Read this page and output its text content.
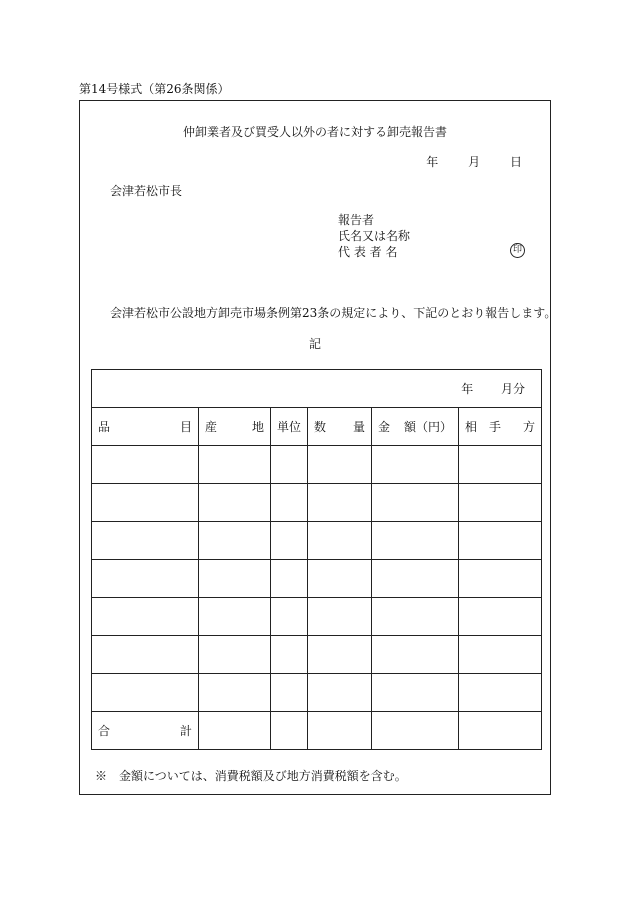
第14号様式（第26条関係）
仲卸業者及び買受人以外の者に対する卸売報告書
年 月 日
会津若松市長
報告者
氏名又は名称
代 表 者 名	印
会津若松市公設地方卸売市場条例第23条の規定により、下記のとおり報告します。
記
年 月分					

品 目	産 地	単位	数 量	金 額（円）	相　手 方

合 計					

※　金額については、消費税額及び地方消費税額を含む。
